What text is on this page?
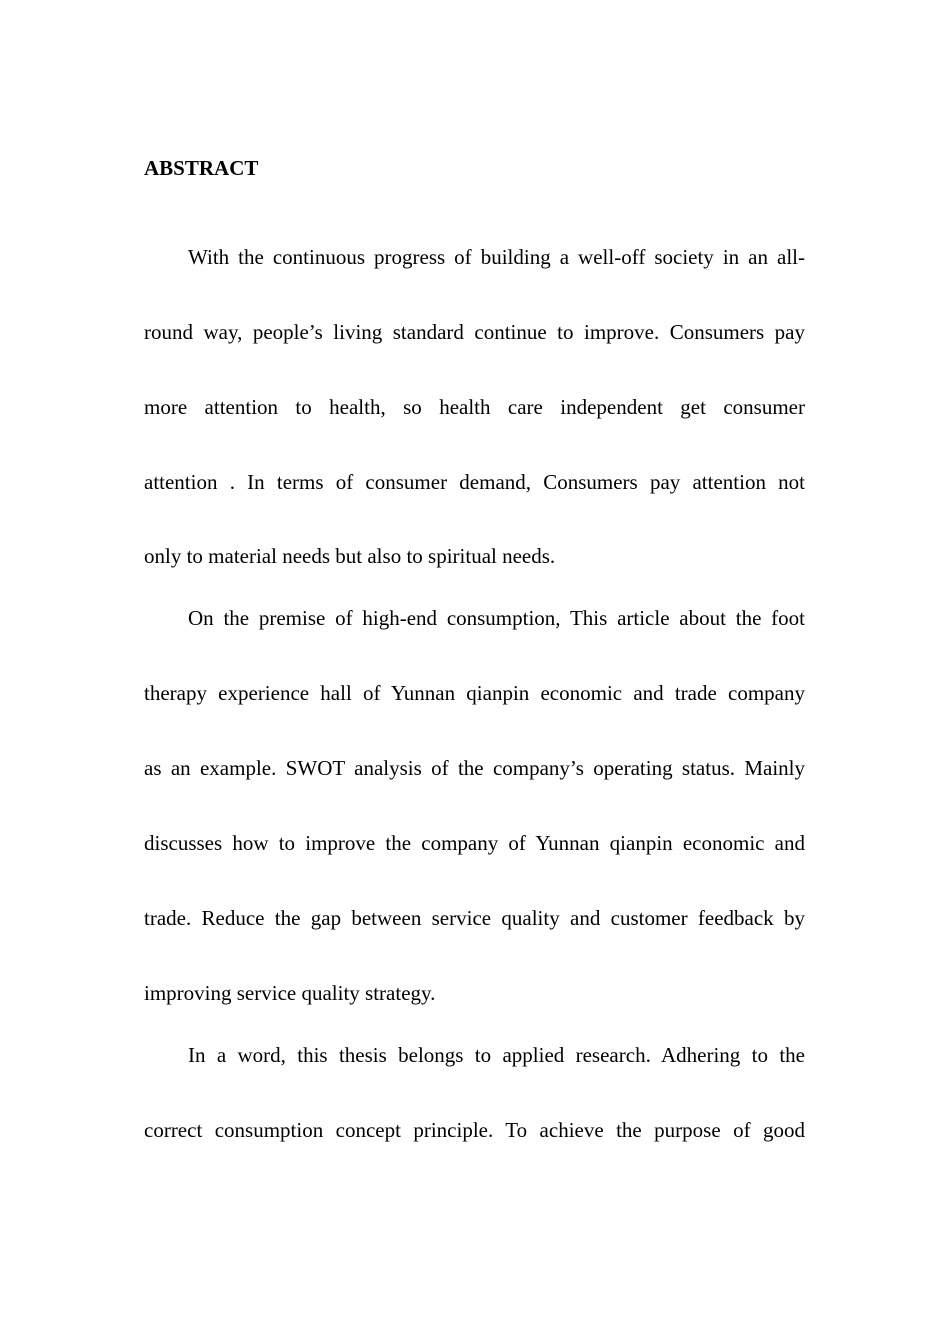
ABSTRACT
With the continuous progress of building a well-off society in an all-
round way, people’s living standard continue to improve. Consumers pay
more attention to health, so health care independent get consumer
attention . In terms of consumer demand, Consumers pay attention not
only to material needs but also to spiritual needs.
On the premise of high-end consumption, This article about the foot
therapy experience hall of Yunnan qianpin economic and trade company
as an example. SWOT analysis of the company’s operating status. Mainly
discusses how to improve the company of Yunnan qianpin economic and
trade. Reduce the gap between service quality and customer feedback by
improving service quality strategy.
In a word, this thesis belongs to applied research. Adhering to the
correct consumption concept principle. To achieve the purpose of good
